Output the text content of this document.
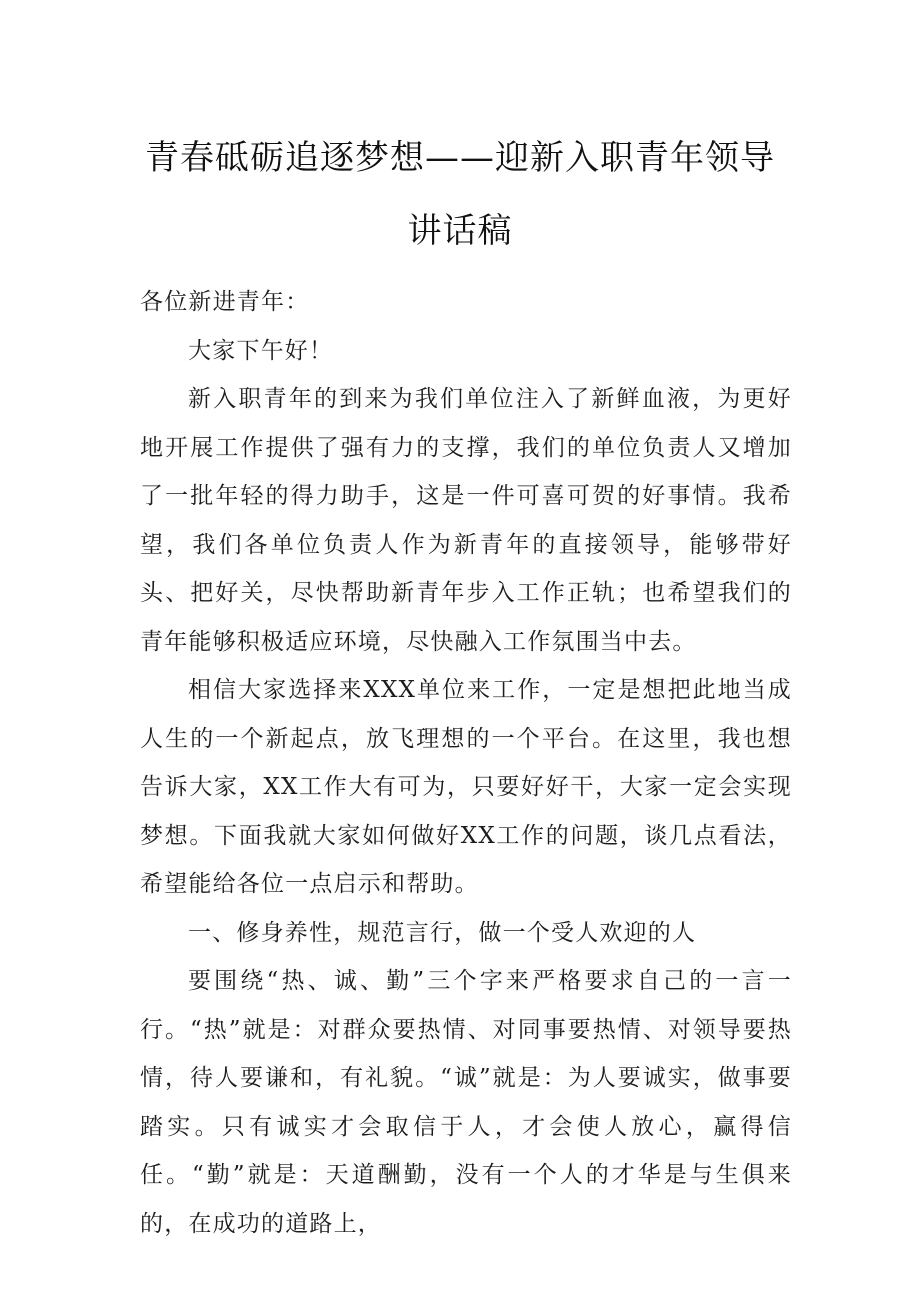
青春砥砺追逐梦想——迎新入职青年领导
讲话稿

各位新进青年：

大家下午好！

新入职青年的到来为我们单位注入了新鲜血液，为更好地开展工作提供了强有力的支撑，我们的单位负责人又增加了一批年轻的得力助手，这是一件可喜可贺的好事情。我希望，我们各单位负责人作为新青年的直接领导，能够带好头、把好关，尽快帮助新青年步入工作正轨；也希望我们的青年能够积极适应环境，尽快融入工作氛围当中去。

相信大家选择来XXX单位来工作，一定是想把此地当成人生的一个新起点，放飞理想的一个平台。在这里，我也想告诉大家，XX工作大有可为，只要好好干，大家一定会实现梦想。下面我就大家如何做好XX工作的问题，谈几点看法，希望能给各位一点启示和帮助。

一、修身养性，规范言行，做一个受人欢迎的人

要围绕“热、诚、勤”三个字来严格要求自己的一言一行。“热”就是：对群众要热情、对同事要热情、对领导要热情，待人要谦和，有礼貌。“诚”就是：为人要诚实，做事要踏实。只有诚实才会取信于人，才会使人放心，赢得信任。“勤”就是：天道酬勤，没有一个人的才华是与生俱来的，在成功的道路上，
